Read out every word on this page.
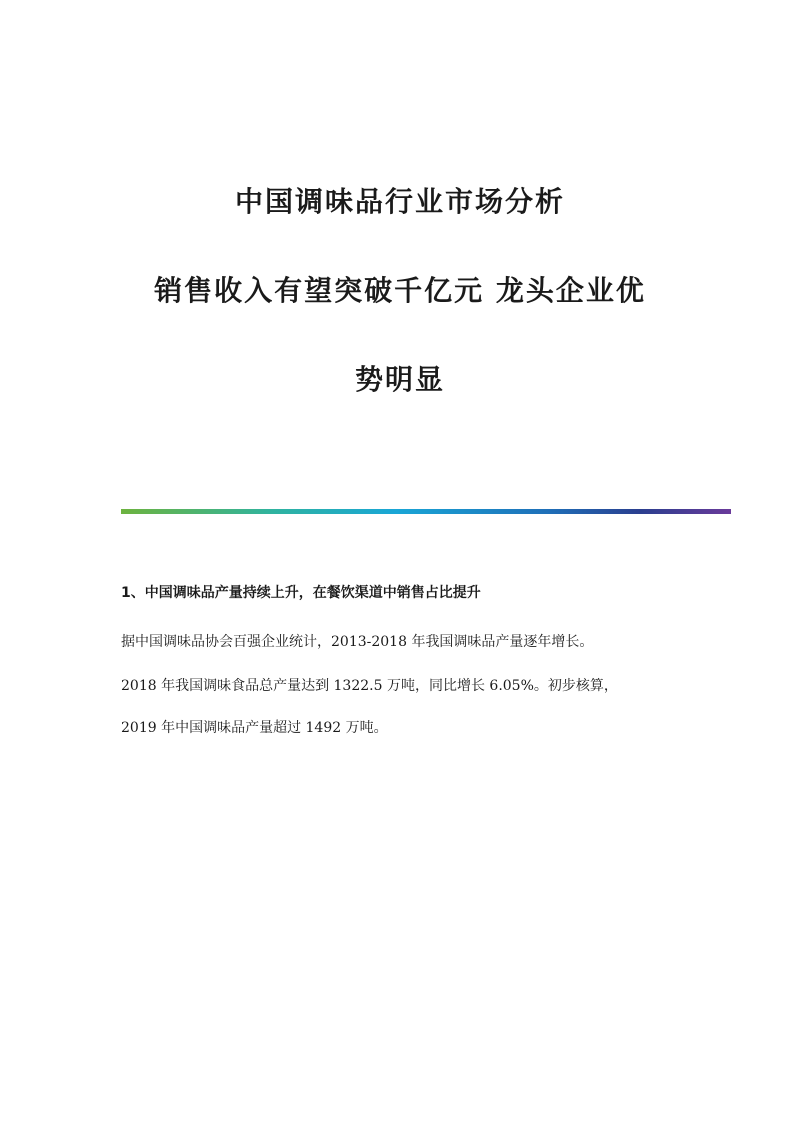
中国调味品行业市场分析
销售收入有望突破千亿元 龙头企业优
势明显
1、中国调味品产量持续上升，在餐饮渠道中销售占比提升

据中国调味品协会百强企业统计，2013-2018 年我国调味品产量逐年增长。

2018 年我国调味食品总产量达到 1322.5 万吨，同比增长 6.05%。初步核算，

2019 年中国调味品产量超过 1492 万吨。
